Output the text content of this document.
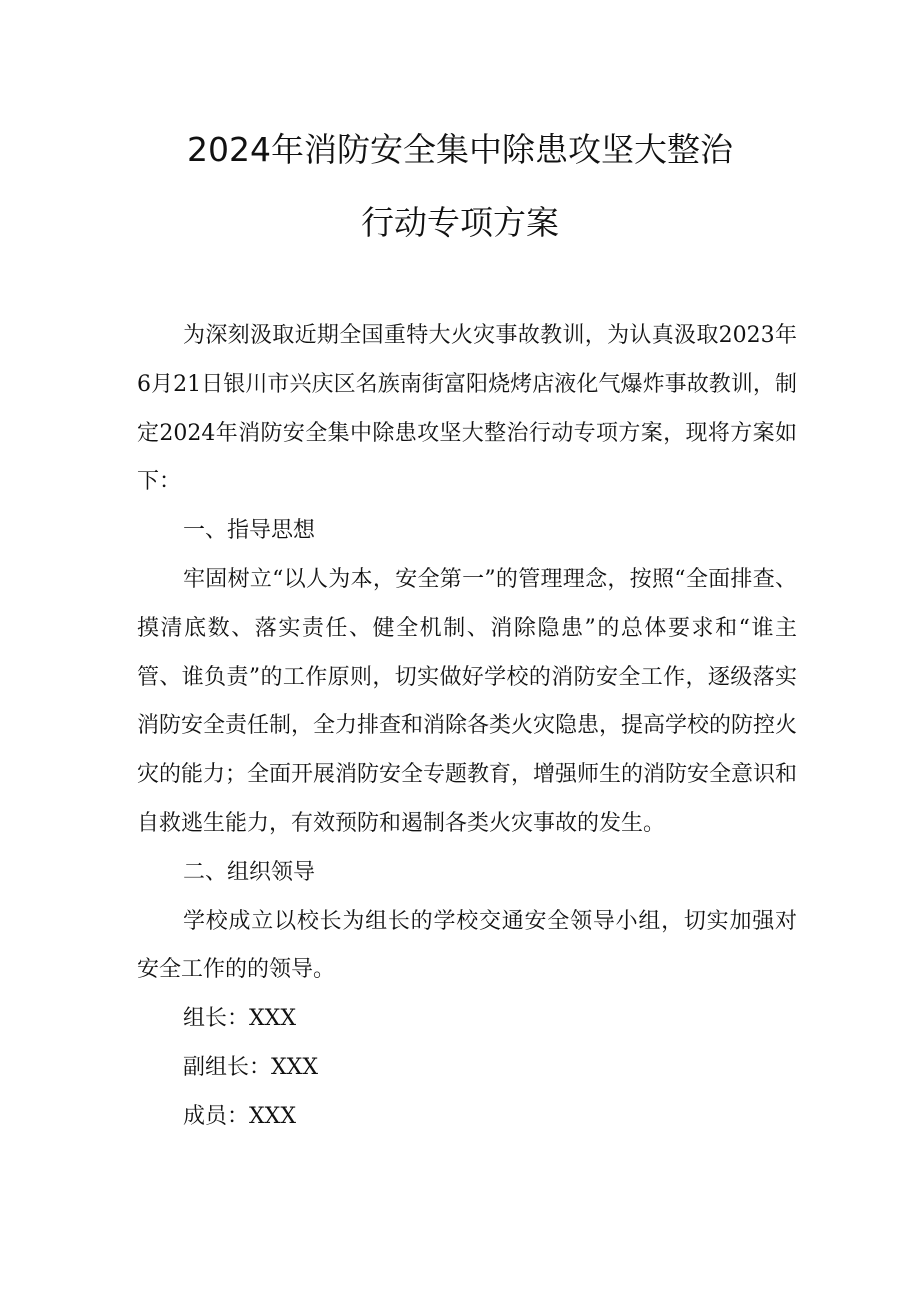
2024年消防安全集中除患攻坚大整治
行动专项方案

为深刻汲取近期全国重特大火灾事故教训，为认真汲取2023年6月21日银川市兴庆区名族南街富阳烧烤店液化气爆炸事故教训，制定2024年消防安全集中除患攻坚大整治行动专项方案，现将方案如下：

一、指导思想

牢固树立“以人为本，安全第一”的管理理念，按照“全面排查、摸清底数、落实责任、健全机制、消除隐患”的总体要求和“谁主管、谁负责”的工作原则，切实做好学校的消防安全工作，逐级落实消防安全责任制，全力排查和消除各类火灾隐患，提高学校的防控火灾的能力；全面开展消防安全专题教育，增强师生的消防安全意识和自救逃生能力，有效预防和遏制各类火灾事故的发生。

二、组织领导

学校成立以校长为组长的学校交通安全领导小组，切实加强对安全工作的的领导。

组长：XXX

副组长：XXX

成员：XXX
